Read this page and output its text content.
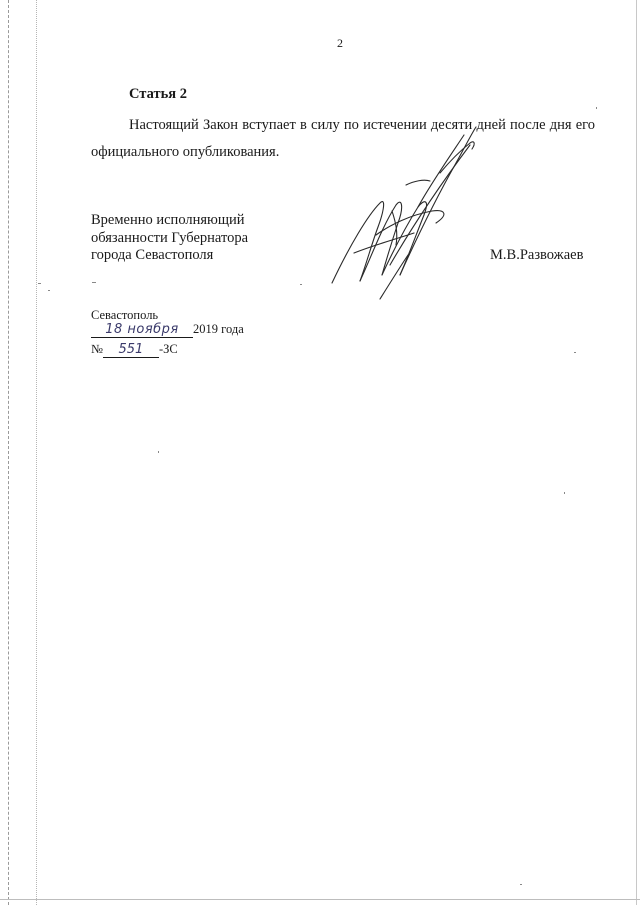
2
Статья 2

Настоящий Закон вступает в силу по истечении десяти дней после дня его официального опубликования.

Временно исполняющий
обязанности Губернатора
города Севастополя	М.В.Развожаев
Севастополь
18 ноября 2019 года
№ 551 -ЗС
